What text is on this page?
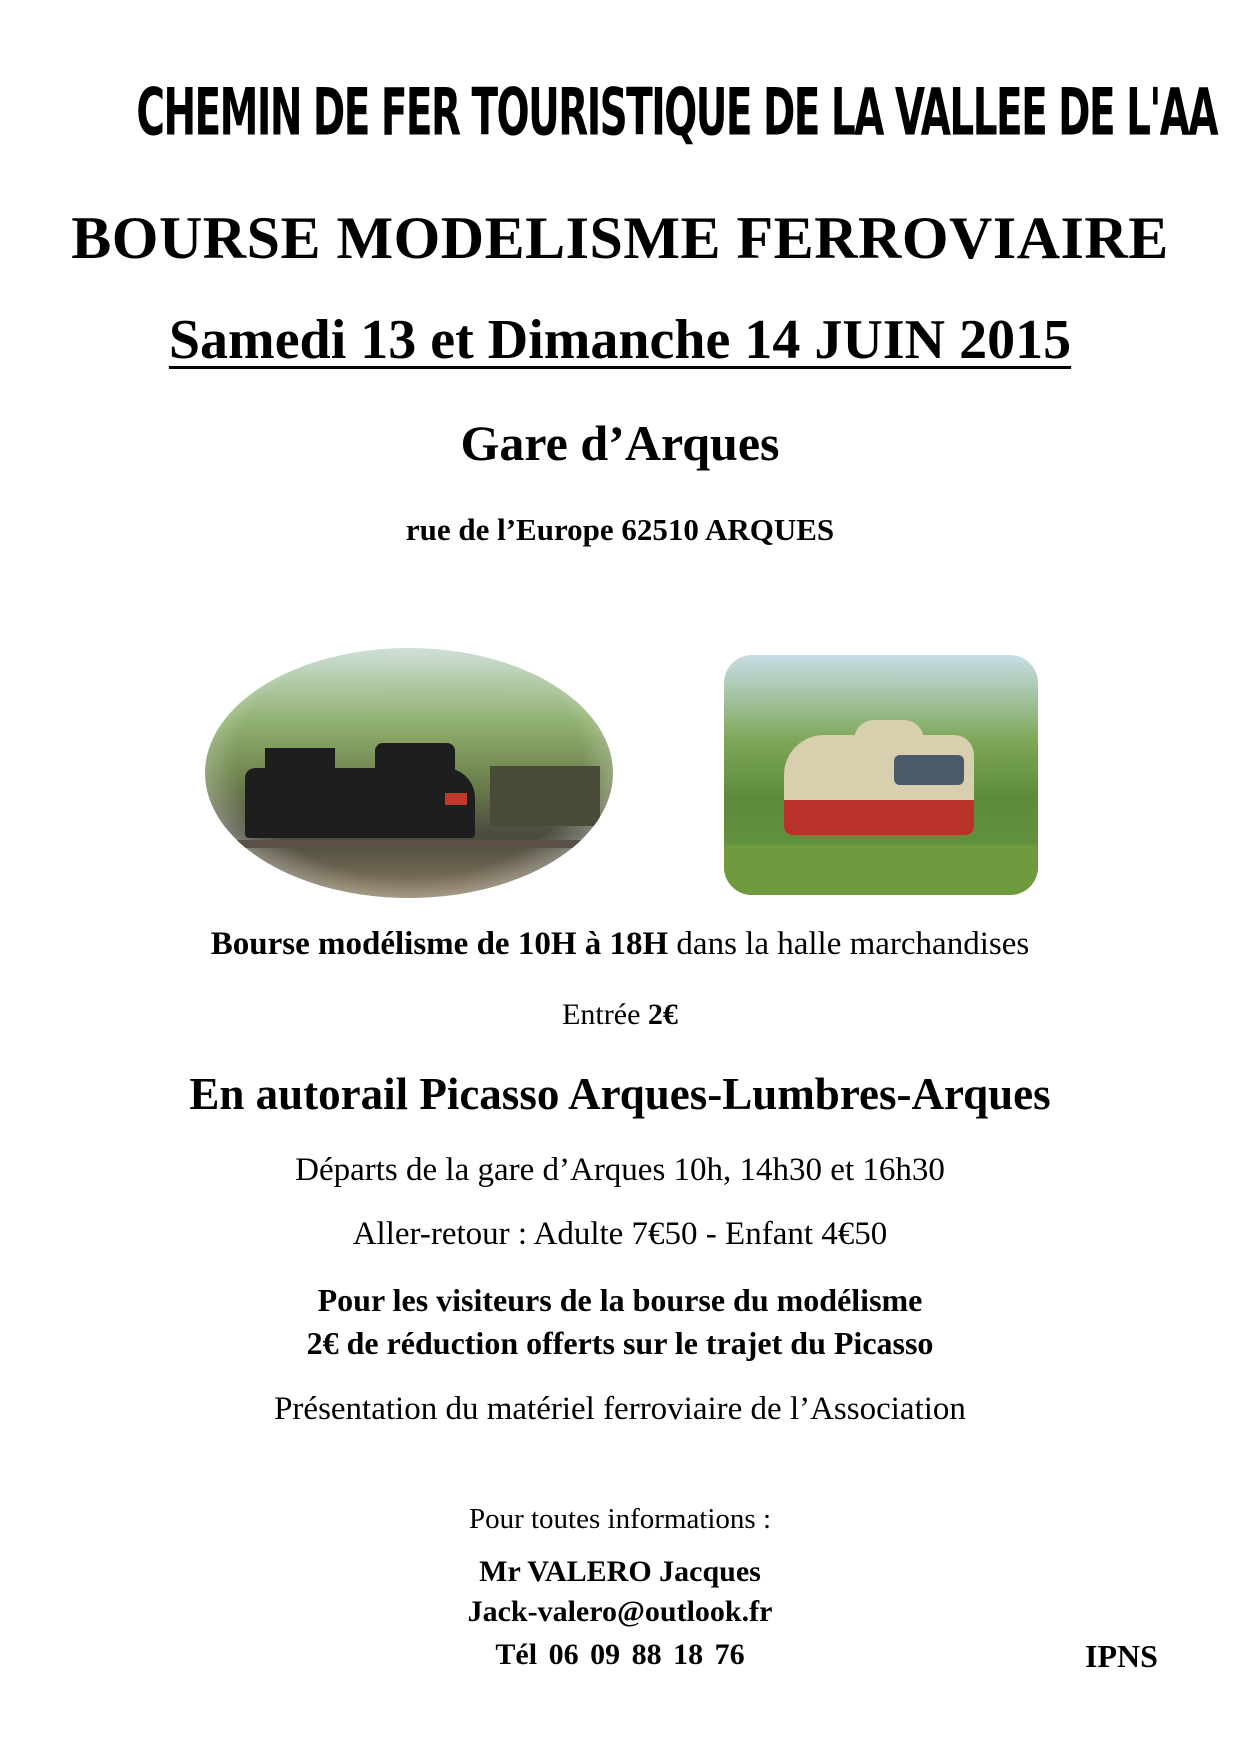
CHEMIN DE FER TOURISTIQUE DE LA VALLEE DE L'AA
BOURSE MODELISME FERROVIAIRE
Samedi 13 et Dimanche 14 JUIN 2015
Gare d’Arques
rue de l’Europe 62510 ARQUES
Bourse modélisme de 10H à 18H dans la halle marchandises
Entrée 2€
En autorail Picasso Arques-Lumbres-Arques
Départs de la gare d’Arques 10h, 14h30 et 16h30
Aller-retour : Adulte 7€50 - Enfant 4€50
Pour les visiteurs de la bourse du modélisme
2€ de réduction offerts sur le trajet du Picasso
Présentation du matériel ferroviaire de l’Association
Pour toutes informations :
Mr VALERO Jacques
Jack-valero@outlook.fr
Tél 06 09 88 18 76	IPNS
